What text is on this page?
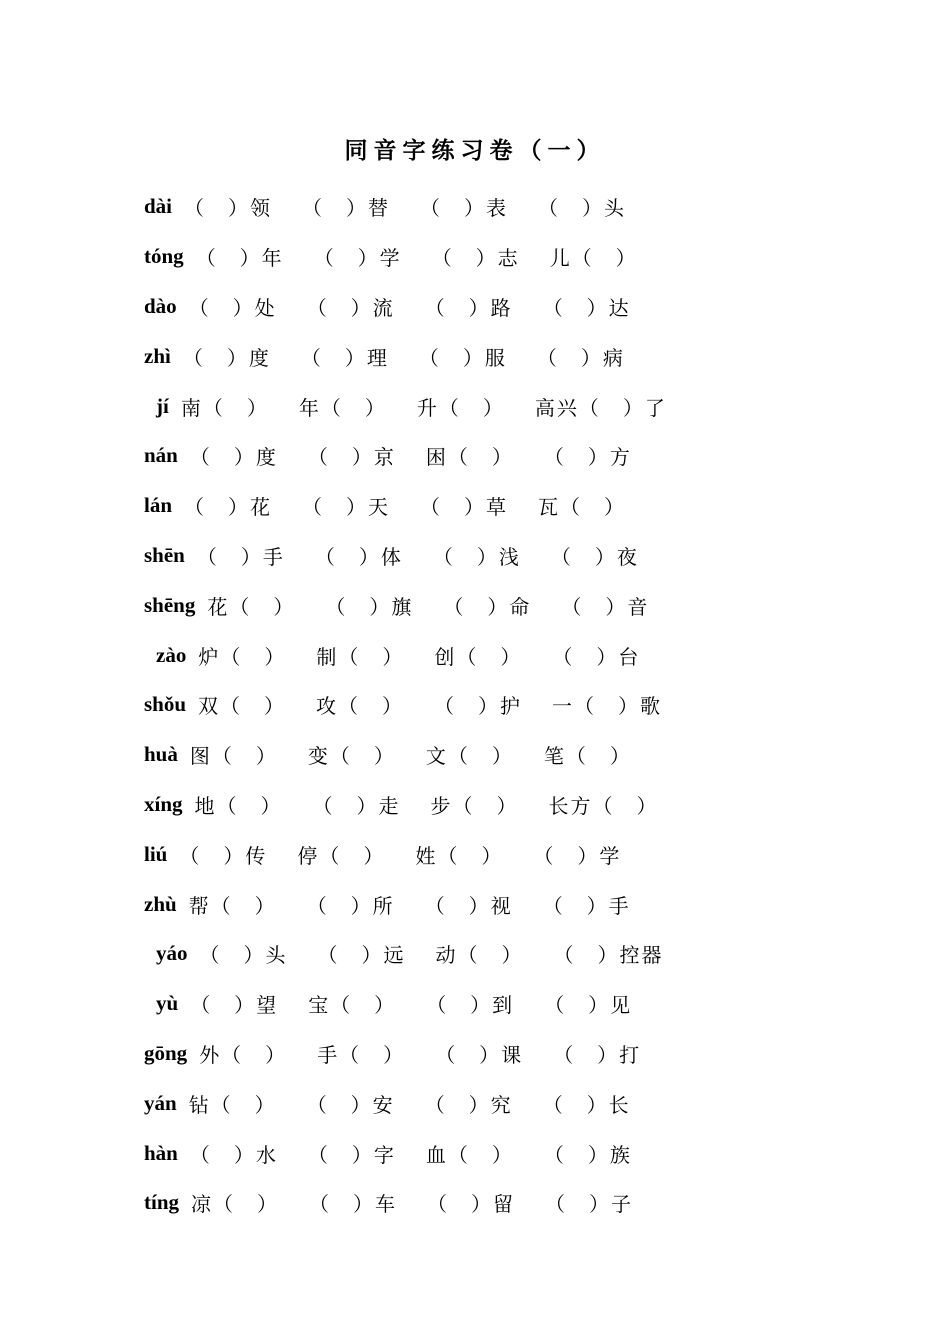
同音字练习卷（一）
dài （　）领 （　）替 （　）表 （　）头
tóng （　）年 （　）学 （　）志 儿（　）
dào （　）处 （　）流 （　）路 （　）达
zhì （　）度 （　）理 （　）服 （　）病
jí 南（　） 年（　） 升（　） 高兴（　）了
nán （　）度 （　）京 困（　） （　）方
lán （　）花 （　）天 （　）草 瓦（　）
shēn （　）手 （　）体 （　）浅 （　）夜
shēng 花（　） （　）旗 （　）命 （　）音
zào 炉（　） 制（　） 创（　） （　）台
shǒu 双（　） 攻（　） （　）护 一（　）歌
huà 图（　） 变（　） 文（　） 笔（　）
xíng 地（　） （　）走 步（　） 长方（　）
liú （　）传 停（　） 姓（　） （　）学
zhù 帮（　） （　）所 （　）视 （　）手
yáo （　）头 （　）远 动（　） （　）控器
yù （　）望 宝（　） （　）到 （　）见
gōng 外（　） 手（　） （　）课 （　）打
yán 钻（　） （　）安 （　）究 （　）长
hàn （　）水 （　）字 血（　） （　）族
tíng 凉（　） （　）车 （　）留 （　）子
